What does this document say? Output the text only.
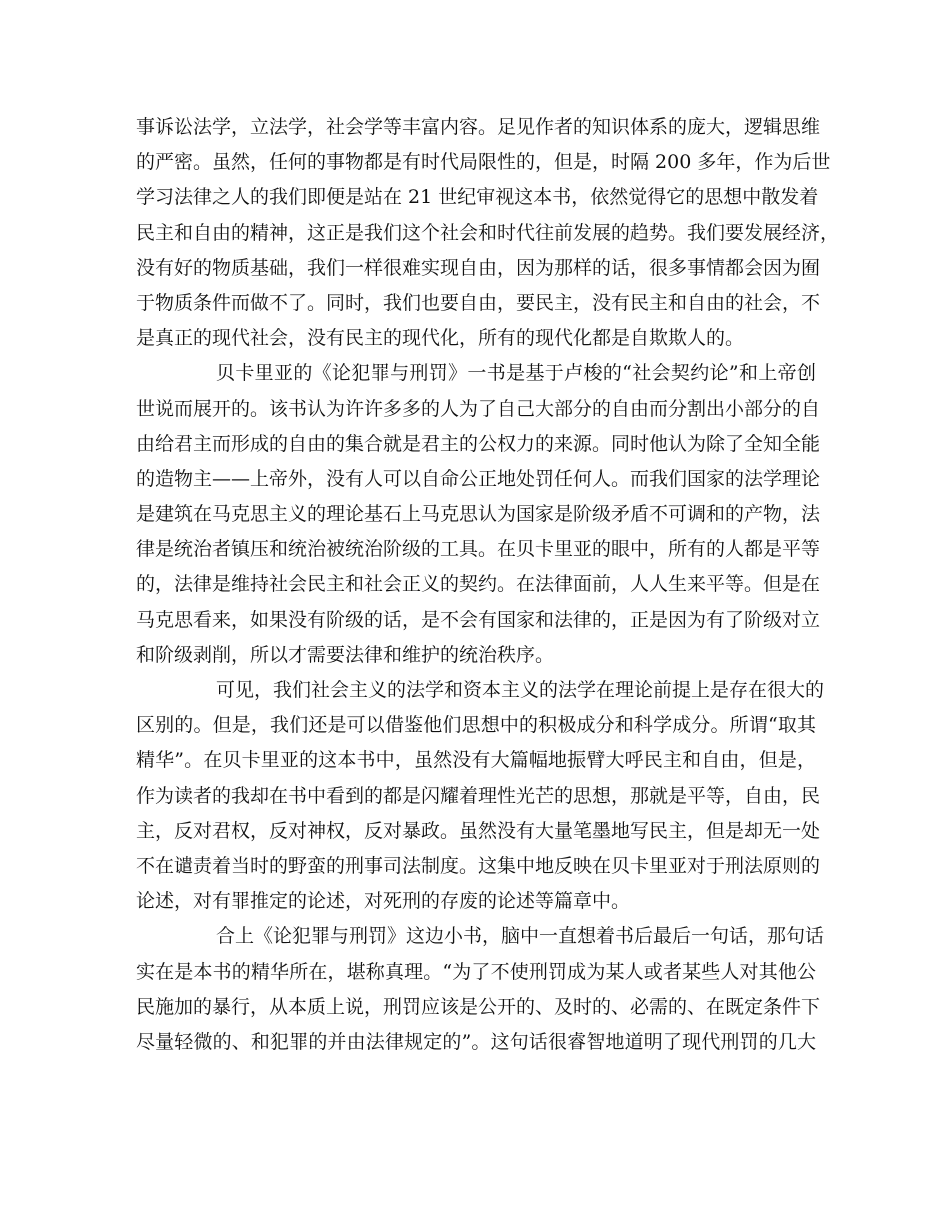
事诉讼法学，立法学，社会学等丰富内容。足见作者的知识体系的庞大，逻辑思维
的严密。虽然，任何的事物都是有时代局限性的，但是，时隔 200 多年，作为后世
学习法律之人的我们即便是站在 21 世纪审视这本书，依然觉得它的思想中散发着
民主和自由的精神，这正是我们这个社会和时代往前发展的趋势。我们要发展经济，
没有好的物质基础，我们一样很难实现自由，因为那样的话，很多事情都会因为囿
于物质条件而做不了。同时，我们也要自由，要民主，没有民主和自由的社会，不
是真正的现代社会，没有民主的现代化，所有的现代化都是自欺欺人的。
贝卡里亚的《论犯罪与刑罚》一书是基于卢梭的“社会契约论”和上帝创
世说而展开的。该书认为许许多多的人为了自己大部分的自由而分割出小部分的自
由给君主而形成的自由的集合就是君主的公权力的来源。同时他认为除了全知全能
的造物主——上帝外，没有人可以自命公正地处罚任何人。而我们国家的法学理论
是建筑在马克思主义的理论基石上马克思认为国家是阶级矛盾不可调和的产物，法
律是统治者镇压和统治被统治阶级的工具。在贝卡里亚的眼中，所有的人都是平等
的，法律是维持社会民主和社会正义的契约。在法律面前，人人生来平等。但是在
马克思看来，如果没有阶级的话，是不会有国家和法律的，正是因为有了阶级对立
和阶级剥削，所以才需要法律和维护的统治秩序。
可见，我们社会主义的法学和资本主义的法学在理论前提上是存在很大的
区别的。但是，我们还是可以借鉴他们思想中的积极成分和科学成分。所谓“取其
精华”。在贝卡里亚的这本书中，虽然没有大篇幅地振臂大呼民主和自由，但是，
作为读者的我却在书中看到的都是闪耀着理性光芒的思想，那就是平等，自由，民
主，反对君权，反对神权，反对暴政。虽然没有大量笔墨地写民主，但是却无一处
不在谴责着当时的野蛮的刑事司法制度。这集中地反映在贝卡里亚对于刑法原则的
论述，对有罪推定的论述，对死刑的存废的论述等篇章中。
合上《论犯罪与刑罚》这边小书，脑中一直想着书后最后一句话，那句话
实在是本书的精华所在，堪称真理。“为了不使刑罚成为某人或者某些人对其他公
民施加的暴行，从本质上说，刑罚应该是公开的、及时的、必需的、在既定条件下
尽量轻微的、和犯罪的并由法律规定的”。这句话很睿智地道明了现代刑罚的几大
